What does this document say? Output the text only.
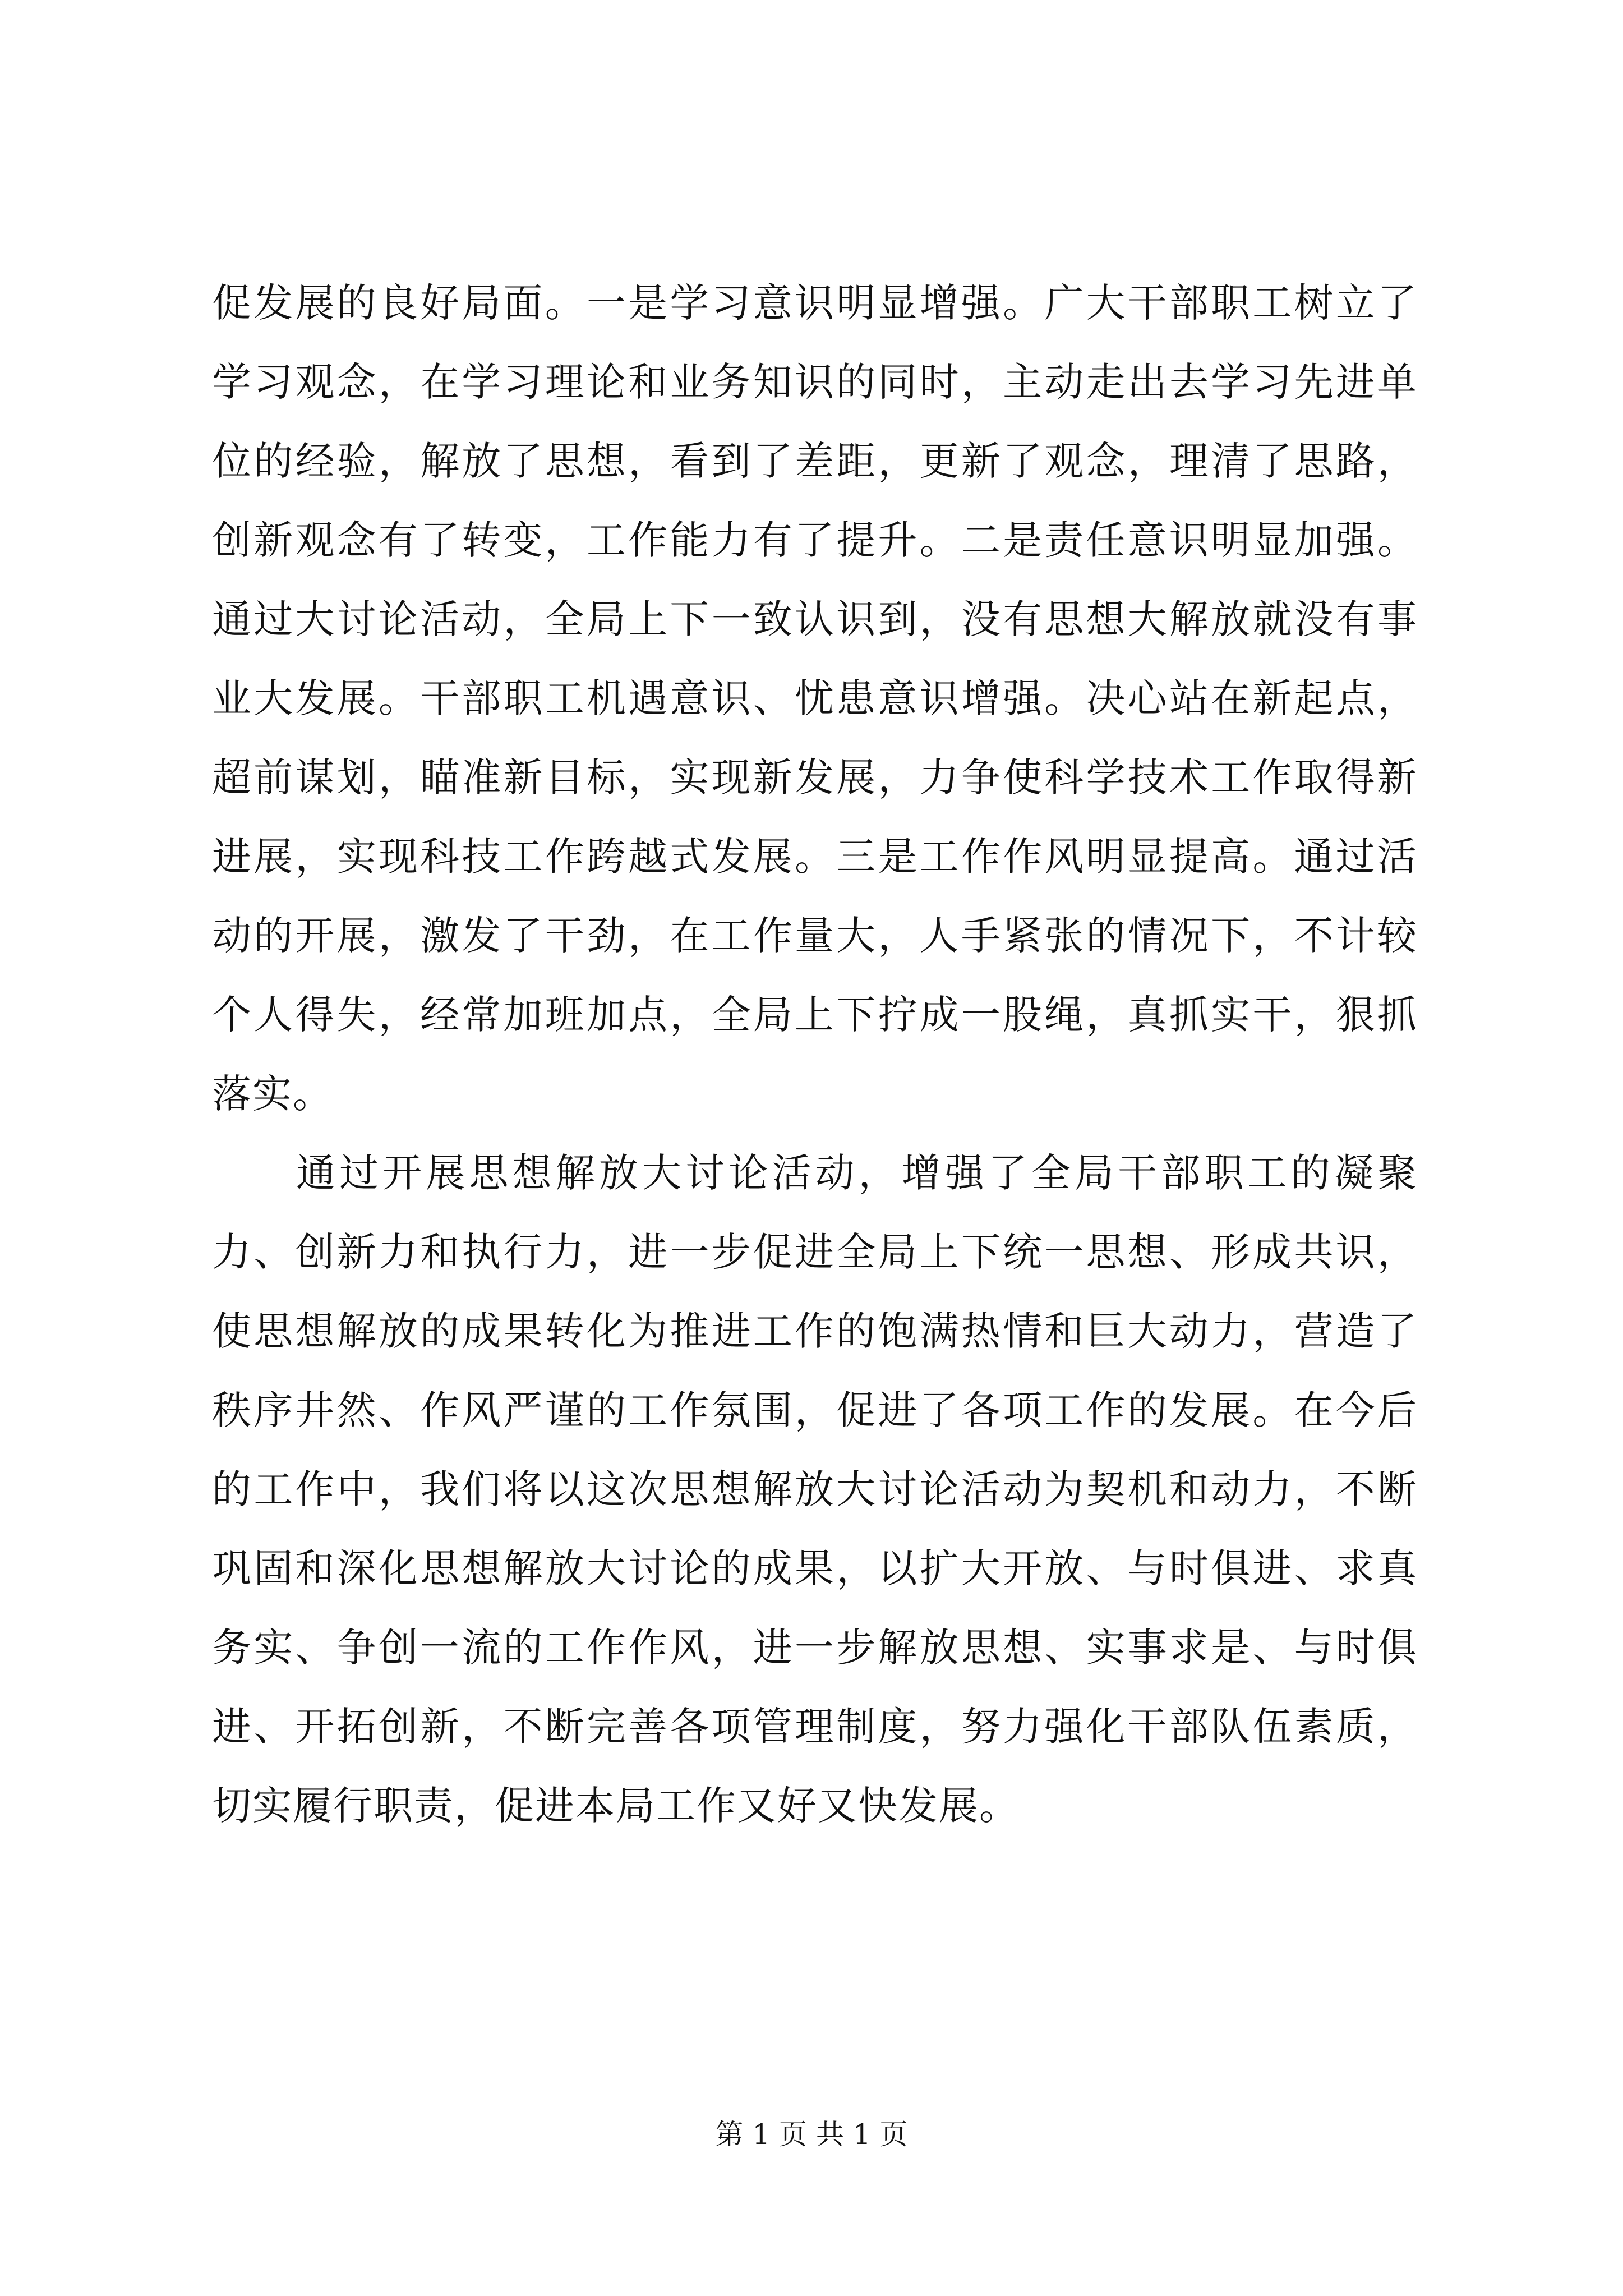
促发展的良好局面。一是学习意识明显增强。广大干部职工树立了学习观念，在学习理论和业务知识的同时，主动走出去学习先进单位的经验，解放了思想，看到了差距，更新了观念，理清了思路，创新观念有了转变，工作能力有了提升。二是责任意识明显加强。通过大讨论活动，全局上下一致认识到，没有思想大解放就没有事业大发展。干部职工机遇意识、忧患意识增强。决心站在新起点，超前谋划，瞄准新目标，实现新发展，力争使科学技术工作取得新进展，实现科技工作跨越式发展。三是工作作风明显提高。通过活动的开展，激发了干劲，在工作量大，人手紧张的情况下，不计较个人得失，经常加班加点，全局上下拧成一股绳，真抓实干，狠抓落实。

通过开展思想解放大讨论活动，增强了全局干部职工的凝聚力、创新力和执行力，进一步促进全局上下统一思想、形成共识，使思想解放的成果转化为推进工作的饱满热情和巨大动力，营造了秩序井然、作风严谨的工作氛围，促进了各项工作的发展。在今后的工作中，我们将以这次思想解放大讨论活动为契机和动力，不断巩固和深化思想解放大讨论的成果，以扩大开放、与时俱进、求真务实、争创一流的工作作风，进一步解放思想、实事求是、与时俱进、开拓创新，不断完善各项管理制度，努力强化干部队伍素质，切实履行职责，促进本局工作又好又快发展。

第 1 页 共 1 页
